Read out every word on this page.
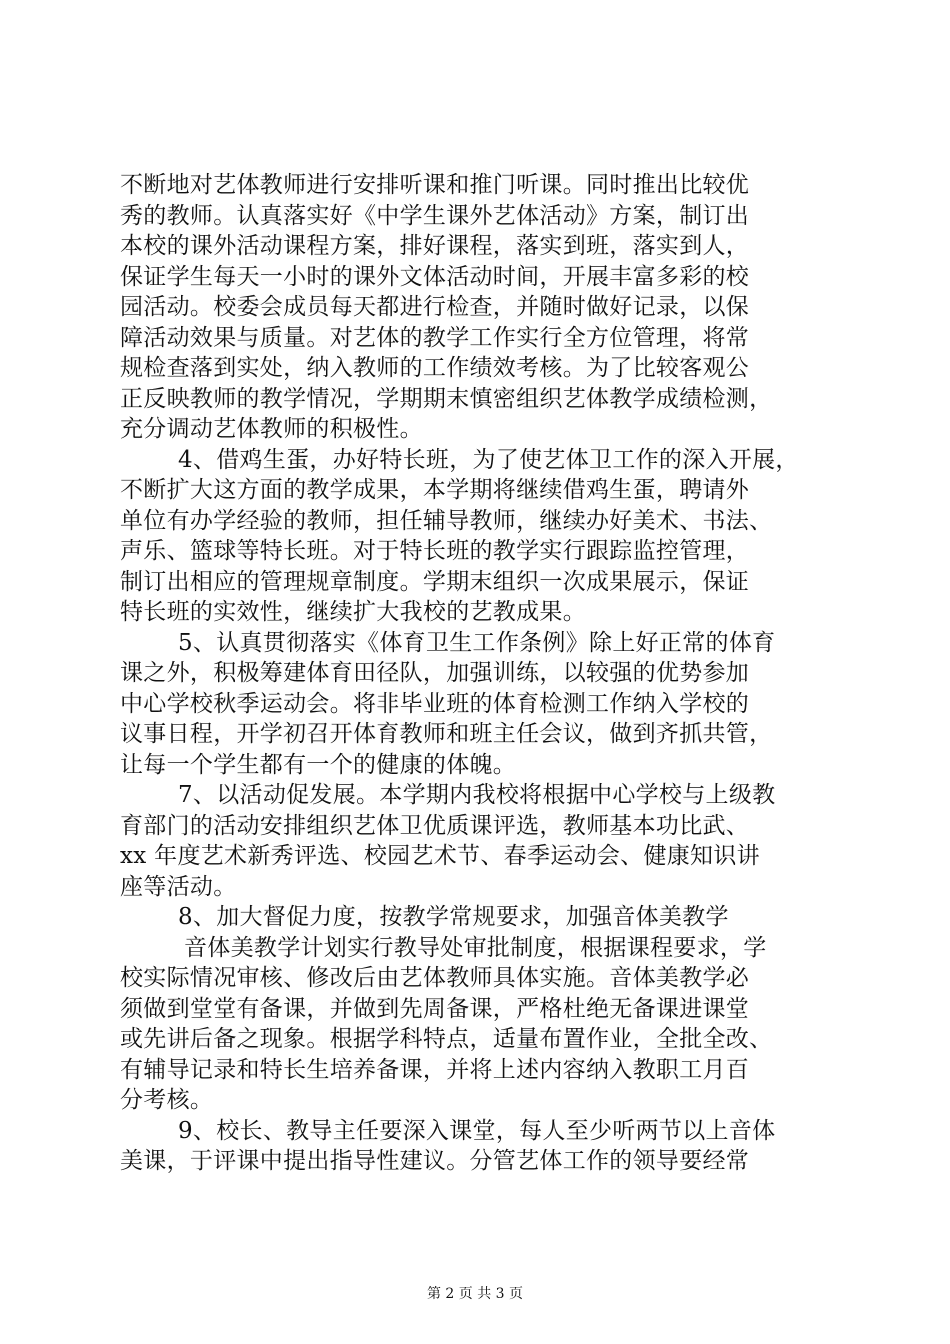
不断地对艺体教师进行安排听课和推门听课。同时推出比较优
秀的教师。认真落实好《中学生课外艺体活动》方案，制订出
本校的课外活动课程方案，排好课程，落实到班，落实到人，
保证学生每天一小时的课外文体活动时间，开展丰富多彩的校
园活动。校委会成员每天都进行检查，并随时做好记录，以保
障活动效果与质量。对艺体的教学工作实行全方位管理，将常
规检查落到实处，纳入教师的工作绩效考核。为了比较客观公
正反映教师的教学情况，学期期末慎密组织艺体教学成绩检测，
充分调动艺体教师的积极性。
4、借鸡生蛋，办好特长班，为了使艺体卫工作的深入开展，
不断扩大这方面的教学成果，本学期将继续借鸡生蛋，聘请外
单位有办学经验的教师，担任辅导教师，继续办好美术、书法、
声乐、篮球等特长班。对于特长班的教学实行跟踪监控管理，
制订出相应的管理规章制度。学期末组织一次成果展示，保证
特长班的实效性，继续扩大我校的艺教成果。
5、认真贯彻落实《体育卫生工作条例》除上好正常的体育
课之外，积极筹建体育田径队，加强训练，以较强的优势参加
中心学校秋季运动会。将非毕业班的体育检测工作纳入学校的
议事日程，开学初召开体育教师和班主任会议，做到齐抓共管，
让每一个学生都有一个的健康的体魄。
7、以活动促发展。本学期内我校将根据中心学校与上级教
育部门的活动安排组织艺体卫优质课评选，教师基本功比武、
xx 年度艺术新秀评选、校园艺术节、春季运动会、健康知识讲
座等活动。
8、加大督促力度，按教学常规要求，加强音体美教学
音体美教学计划实行教导处审批制度，根据课程要求，学
校实际情况审核、修改后由艺体教师具体实施。音体美教学必
须做到堂堂有备课，并做到先周备课，严格杜绝无备课进课堂
或先讲后备之现象。根据学科特点，适量布置作业，全批全改、
有辅导记录和特长生培养备课，并将上述内容纳入教职工月百
分考核。
9、校长、教导主任要深入课堂，每人至少听两节以上音体
美课，于评课中提出指导性建议。分管艺体工作的领导要经常
第 2 页 共 3 页
